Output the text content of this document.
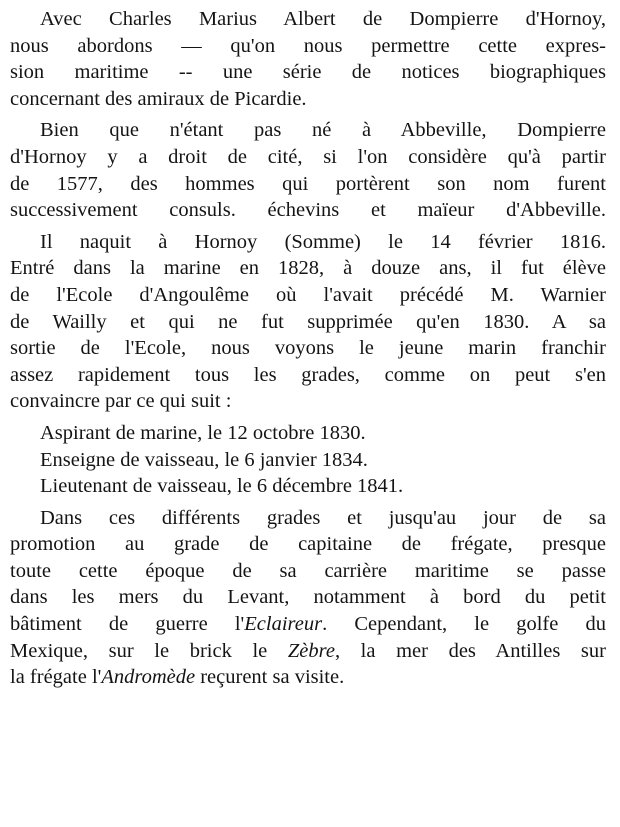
Avec Charles Marius Albert de Dompierre d'Hornoy,
nous abordons — qu'on nous permettre cette expres-
sion maritime -- une série de notices biographiques
concernant des amiraux de Picardie.
Bien que n'étant pas né à Abbeville, Dompierre
d'Hornoy y a droit de cité, si l'on considère qu'à partir
de 1577, des hommes qui portèrent son nom furent
successivement consuls. échevins et maïeur d'Abbeville.
Il naquit à Hornoy (Somme) le 14 février 1816.
Entré dans la marine en 1828, à douze ans, il fut élève
de l'Ecole d'Angoulême où l'avait précédé M. Warnier
de Wailly et qui ne fut supprimée qu'en 1830. A sa
sortie de l'Ecole, nous voyons le jeune marin franchir
assez rapidement tous les grades, comme on peut s'en
convaincre par ce qui suit :
Aspirant de marine, le 12 octobre 1830.
Enseigne de vaisseau, le 6 janvier 1834.
Lieutenant de vaisseau, le 6 décembre 1841.
Dans ces différents grades et jusqu'au jour de sa
promotion au grade de capitaine de frégate, presque
toute cette époque de sa carrière maritime se passe
dans les mers du Levant, notamment à bord du petit
bâtiment de guerre l'Eclaireur. Cependant, le golfe du
Mexique, sur le brick le Zèbre, la mer des Antilles sur
la frégate l'Andromède reçurent sa visite.
